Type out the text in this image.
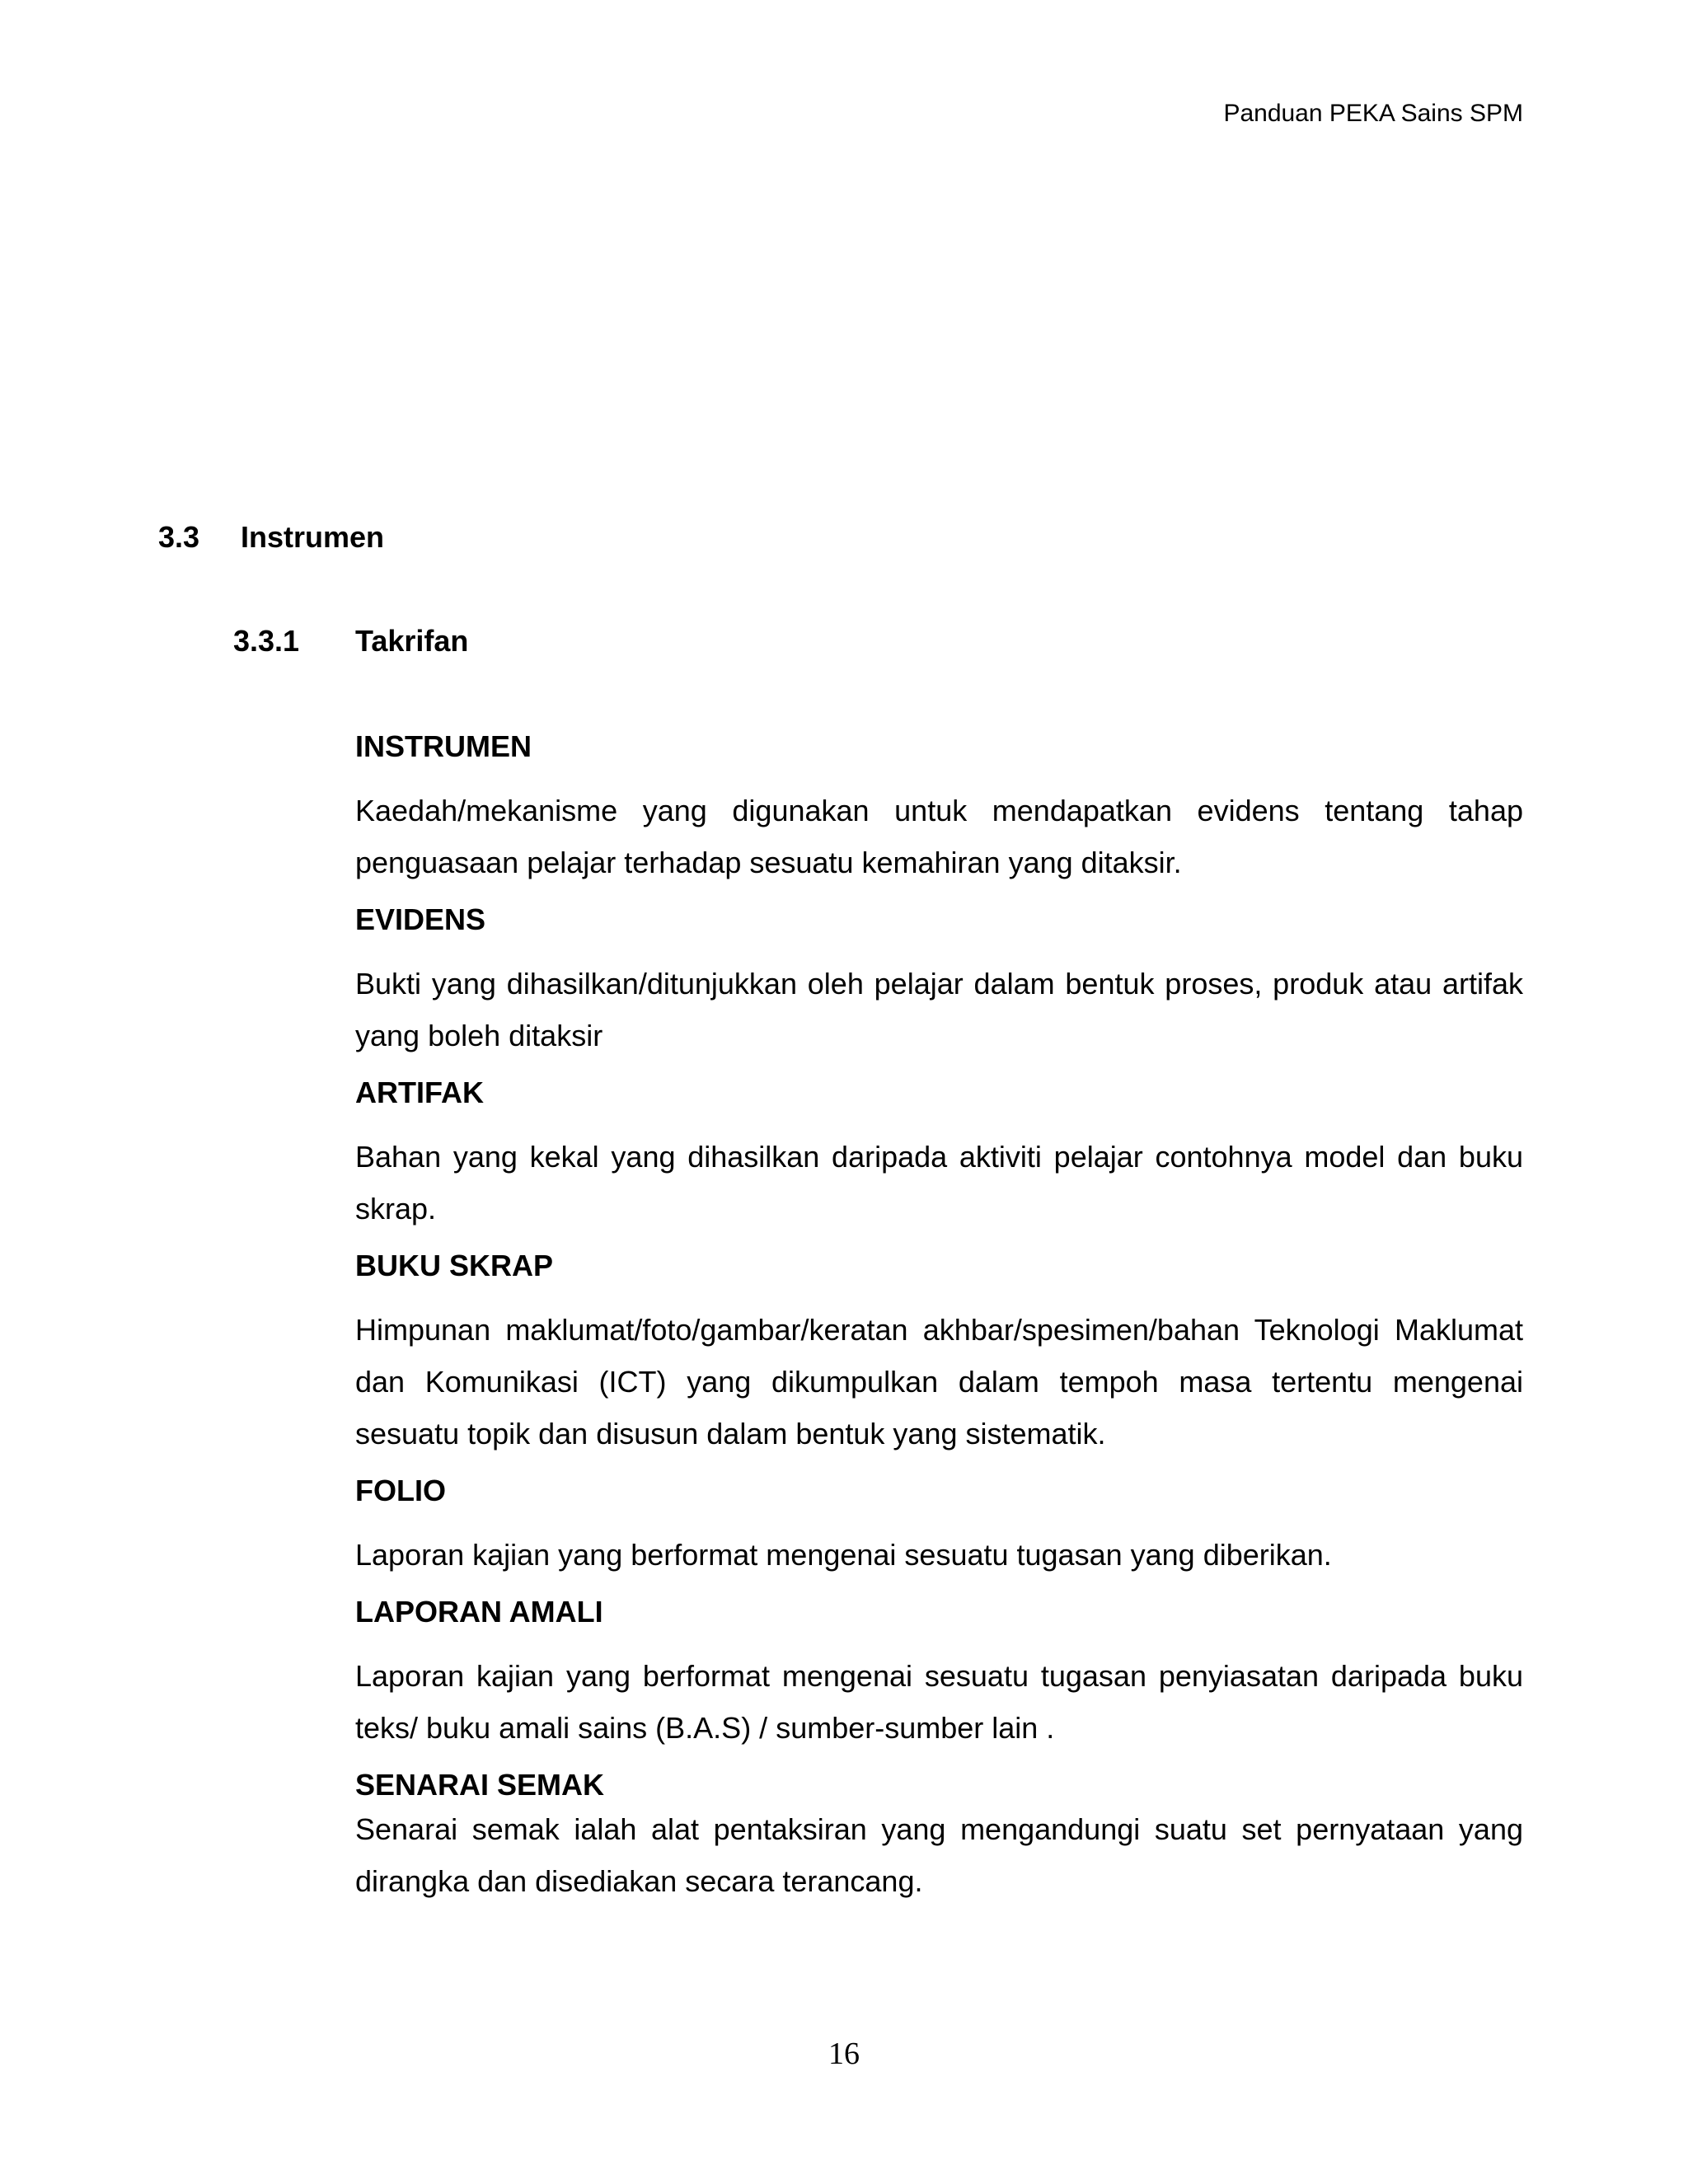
Panduan PEKA Sains SPM
3.3 Instrumen
3.3.1 Takrifan

INSTRUMEN

Kaedah/mekanisme yang digunakan untuk mendapatkan evidens tentang tahap penguasaan pelajar terhadap sesuatu kemahiran yang ditaksir.

EVIDENS

Bukti yang dihasilkan/ditunjukkan oleh pelajar dalam bentuk proses, produk atau artifak yang boleh ditaksir

ARTIFAK

Bahan yang kekal yang dihasilkan daripada aktiviti pelajar contohnya model dan buku skrap.

BUKU SKRAP

Himpunan maklumat/foto/gambar/keratan akhbar/spesimen/bahan Teknologi Maklumat dan Komunikasi (ICT) yang dikumpulkan dalam tempoh masa tertentu mengenai sesuatu topik dan disusun dalam bentuk yang sistematik.

FOLIO

Laporan kajian yang berformat mengenai sesuatu tugasan yang diberikan.

LAPORAN AMALI

Laporan kajian yang berformat mengenai sesuatu tugasan penyiasatan daripada buku teks/ buku amali sains (B.A.S) / sumber-sumber lain .

SENARAI SEMAK

Senarai semak ialah alat pentaksiran yang mengandungi suatu set pernyataan yang dirangka dan disediakan secara terancang.

16
